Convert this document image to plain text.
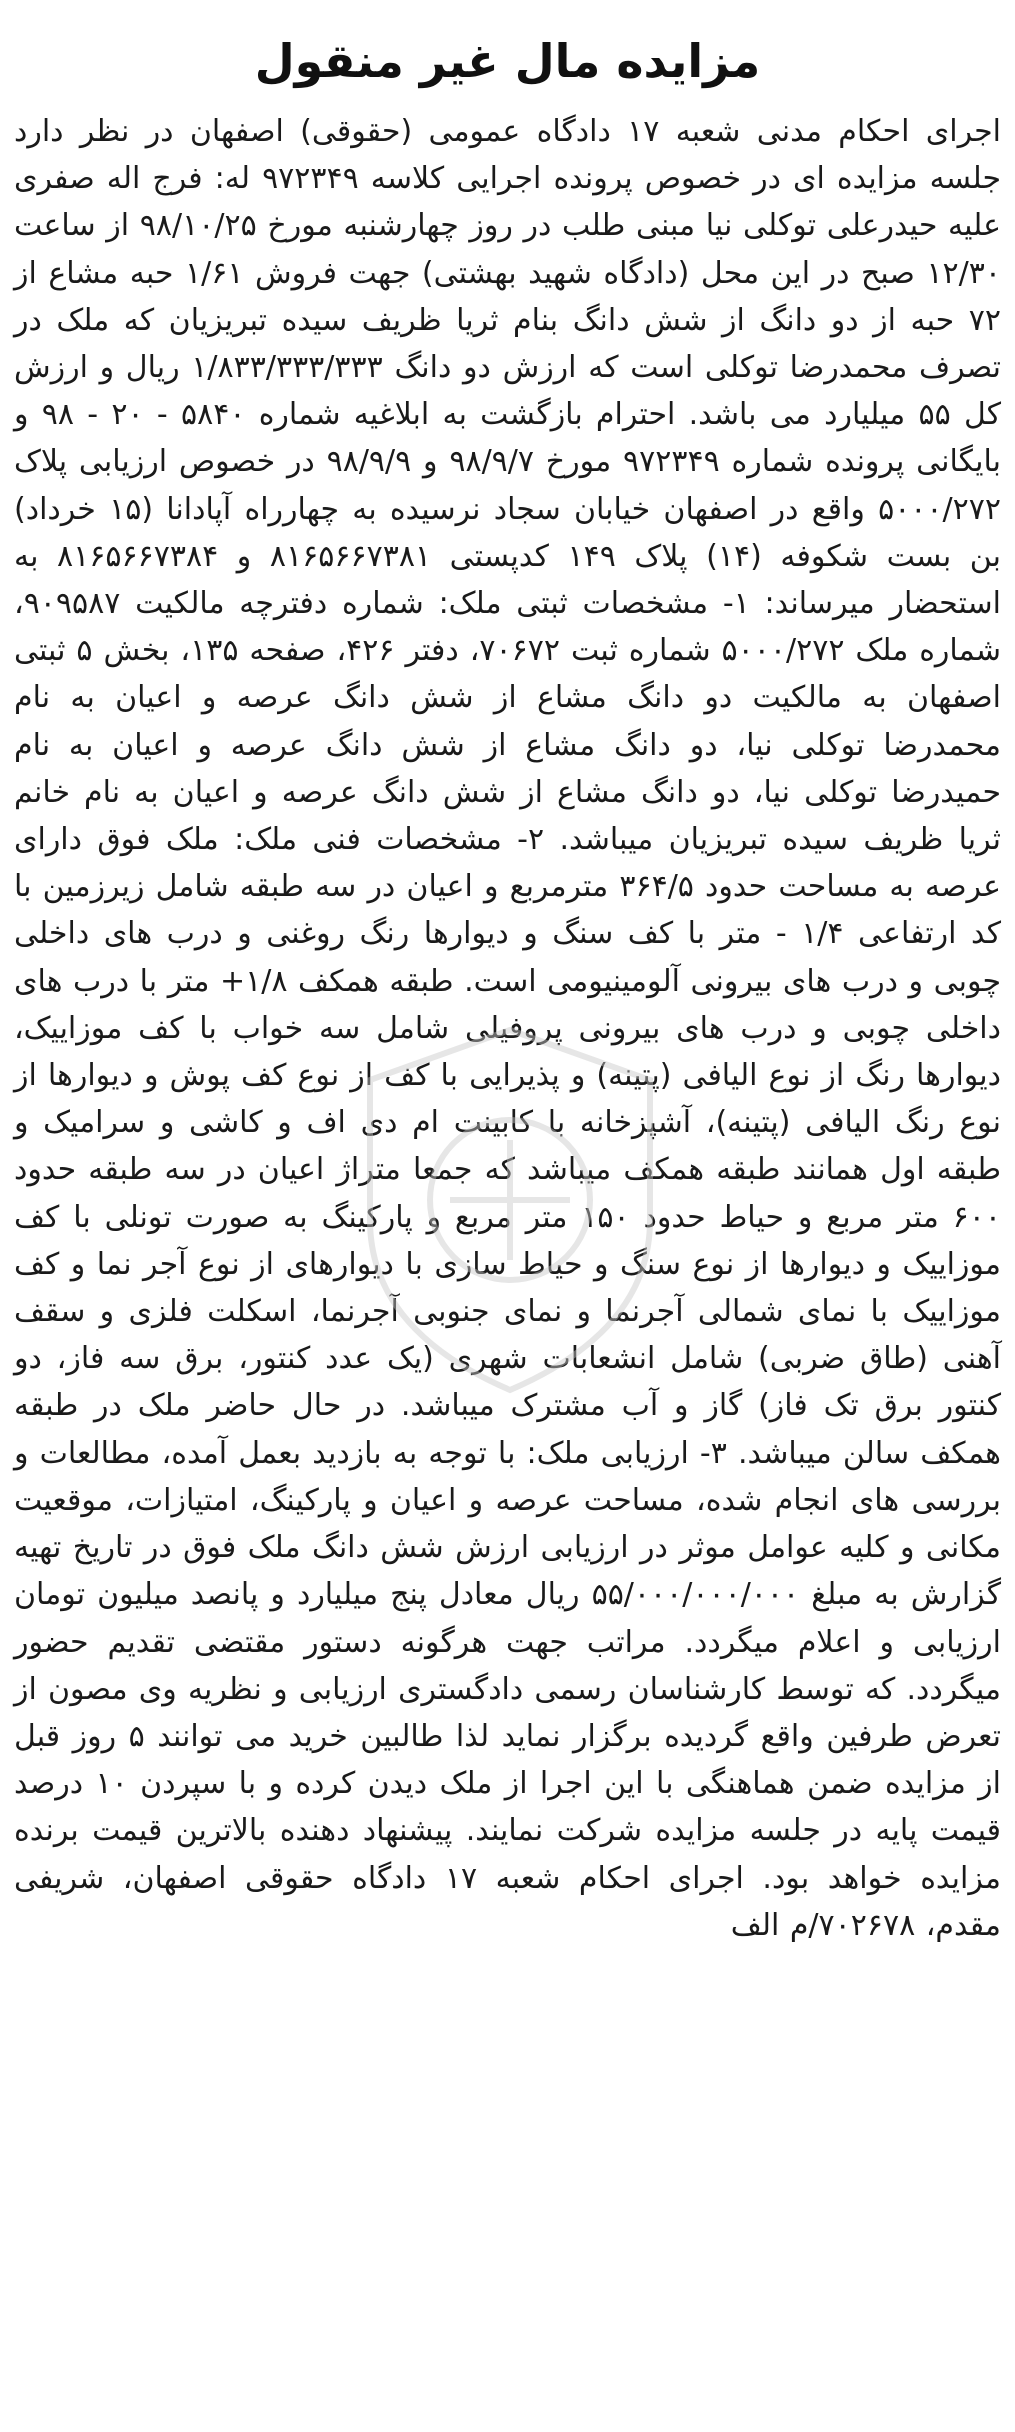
مزایده مال غیر منقول

اجرای احکام مدنی شعبه ۱۷ دادگاه عمومی (حقوقی) اصفهان در نظر دارد جلسه مزایده ای در خصوص پرونده اجرایی کلاسه ۹۷۲۳۴۹ له: فرج اله صفری علیه حیدرعلی توکلی نیا مبنی طلب در روز چهارشنبه مورخ ۹۸/۱۰/۲۵ از ساعت ۱۲/۳۰ صبح در این محل (دادگاه شهید بهشتی) جهت فروش ۱/۶۱ حبه مشاع از ۷۲ حبه از دو دانگ از شش دانگ بنام ثریا ظریف سیده تبریزیان که ملک در تصرف محمدرضا توکلی است که ارزش دو دانگ ۱/۸۳۳/۳۳۳/۳۳۳ ریال و ارزش کل ۵۵ میلیارد می باشد. احترام بازگشت به ابلاغیه شماره ۵۸۴۰ - ۲۰ - ۹۸ و بایگانی پرونده شماره ۹۷۲۳۴۹ مورخ ۹۸/۹/۷ و ۹۸/۹/۹ در خصوص ارزیابی پلاک ۵۰۰۰/۲۷۲ واقع در اصفهان خیابان سجاد نرسیده به چهارراه آپادانا (۱۵ خرداد) بن بست شکوفه (۱۴) پلاک ۱۴۹ کدپستی ۸۱۶۵۶۶۷۳۸۱ و ۸۱۶۵۶۶۷۳۸۴ به استحضار میرساند: ۱- مشخصات ثبتی ملک: شماره دفترچه مالکیت ۹۰۹۵۸۷، شماره ملک ۵۰۰۰/۲۷۲ شماره ثبت ۷۰۶۷۲، دفتر ۴۲۶، صفحه ۱۳۵، بخش ۵ ثبتی اصفهان به مالکیت دو دانگ مشاع از شش دانگ عرصه و اعیان به نام محمدرضا توکلی نیا، دو دانگ مشاع از شش دانگ عرصه و اعیان به نام حمیدرضا توکلی نیا، دو دانگ مشاع از شش دانگ عرصه و اعیان به نام خانم ثریا ظریف سیده تبریزیان میباشد. ۲- مشخصات فنی ملک: ملک فوق دارای عرصه به مساحت حدود ۳۶۴/۵ مترمربع و اعیان در سه طبقه شامل زیرزمین با کد ارتفاعی ۱/۴ - متر با کف سنگ و دیوارها رنگ روغنی و درب های داخلی چوبی و درب های بیرونی آلومینیومی است. طبقه همکف ۱/۸+ متر با درب های داخلی چوبی و درب های بیرونی پروفیلی شامل سه خواب با کف موزاییک، دیوارها رنگ از نوع الیافی (پتینه) و پذیرایی با کف از نوع کف پوش و دیوارها از نوع رنگ الیافی (پتینه)، آشپزخانه با کابینت ام دی اف و کاشی و سرامیک و طبقه اول همانند طبقه همکف میباشد که جمعا متراژ اعیان در سه طبقه حدود ۶۰۰ متر مربع و حیاط حدود ۱۵۰ متر مربع و پارکینگ به صورت تونلی با کف موزاییک و دیوارها از نوع سنگ و حیاط سازی با دیوارهای از نوع آجر نما و کف موزاییک با نمای شمالی آجرنما و نمای جنوبی آجرنما، اسکلت فلزی و سقف آهنی (طاق ضربی) شامل انشعابات شهری (یک عدد کنتور، برق سه فاز، دو کنتور برق تک فاز) گاز و آب مشترک میباشد. در حال حاضر ملک در طبقه همکف سالن میباشد. ۳- ارزیابی ملک: با توجه به بازدید بعمل آمده، مطالعات و بررسی های انجام شده، مساحت عرصه و اعیان و پارکینگ، امتیازات، موقعیت مکانی و کلیه عوامل موثر در ارزیابی ارزش شش دانگ ملک فوق در تاریخ تهیه گزارش به مبلغ ۵۵/۰۰۰/۰۰۰/۰۰۰ ریال معادل پنج میلیارد و پانصد میلیون تومان ارزیابی و اعلام میگردد. مراتب جهت هرگونه دستور مقتضی تقدیم حضور میگردد. که توسط کارشناسان رسمی دادگستری ارزیابی و نظریه وی مصون از تعرض طرفین واقع گردیده برگزار نماید لذا طالبین خرید می توانند ۵ روز قبل از مزایده ضمن هماهنگی با این اجرا از ملک دیدن کرده و با سپردن ۱۰ درصد قیمت پایه در جلسه مزایده شرکت نمایند. پیشنهاد دهنده بالاترین قیمت برنده مزایده خواهد بود. اجرای احکام شعبه ۱۷ دادگاه حقوقی اصفهان، شریفی مقدم، ۷۰۲۶۷۸/م الف
